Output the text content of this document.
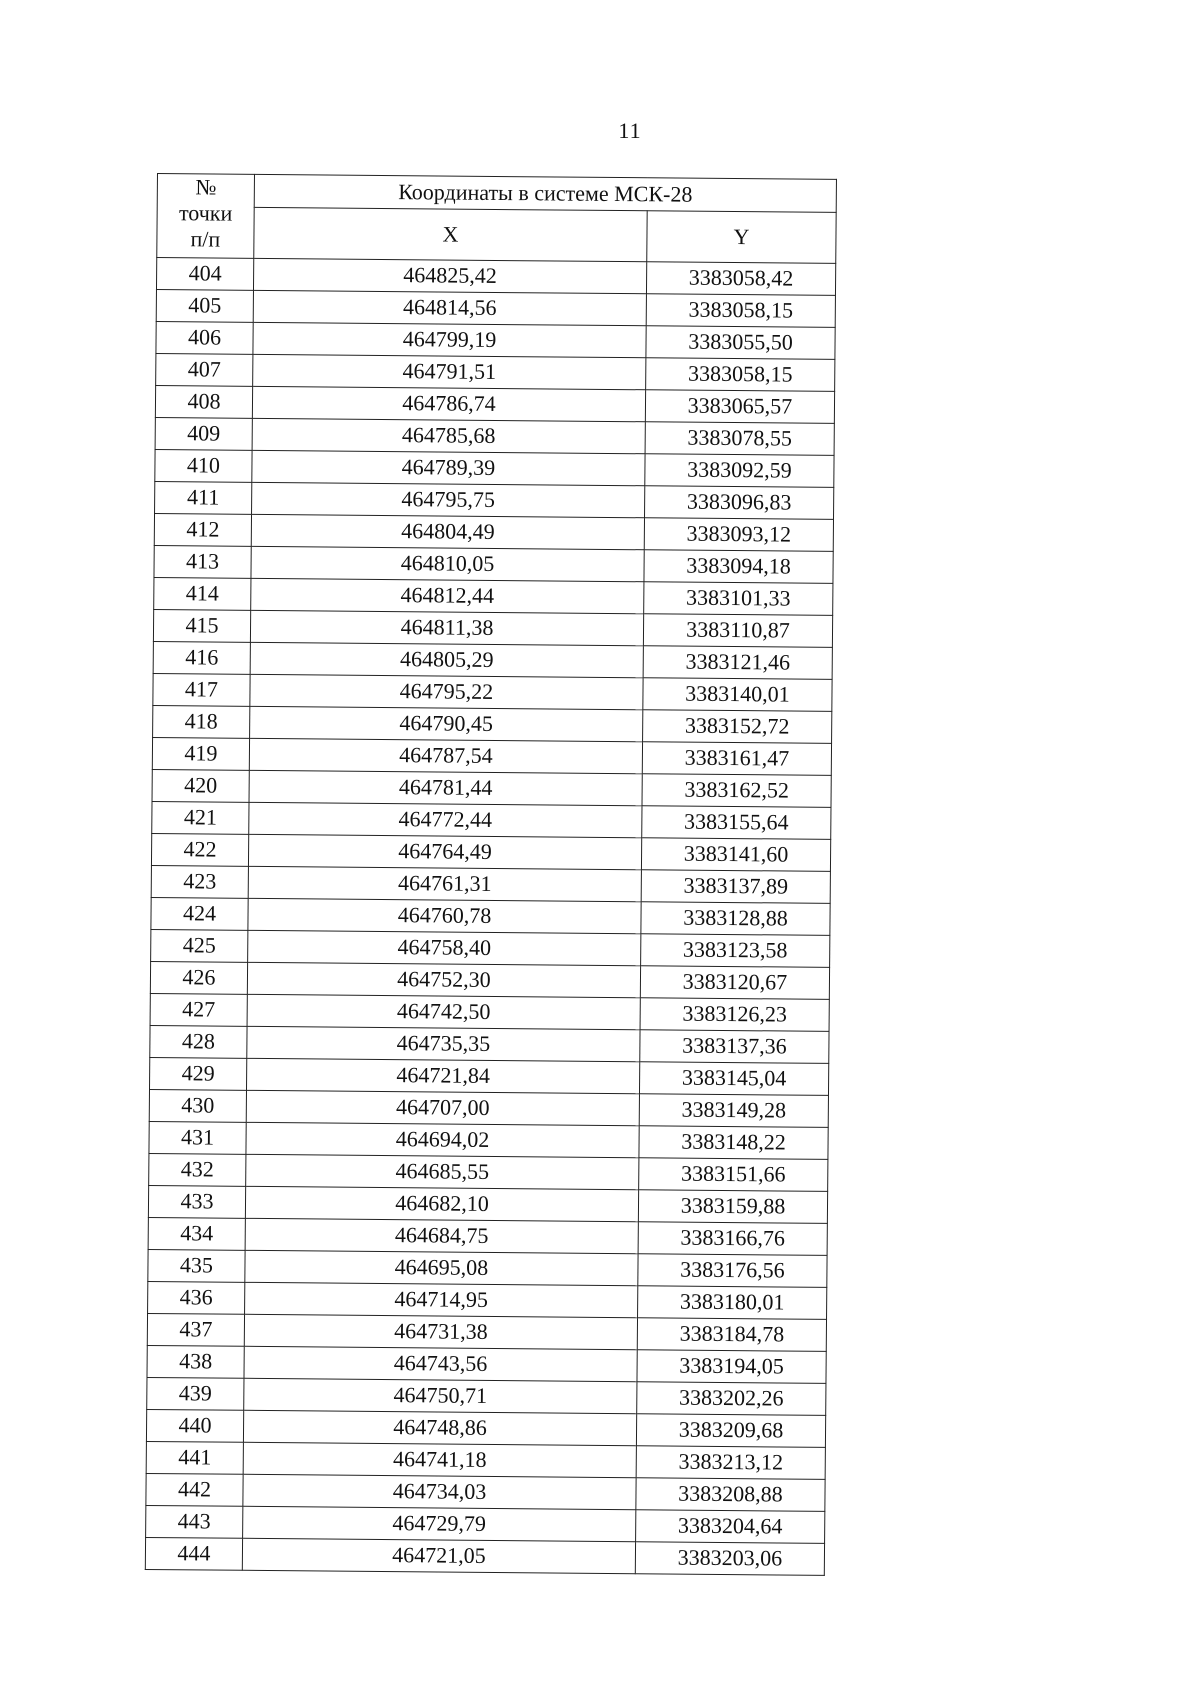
11
№
точки
п/п	Координаты в системе МСК-28	
	X	Y
404	464825,42	3383058,42
405	464814,56	3383058,15
406	464799,19	3383055,50
407	464791,51	3383058,15
408	464786,74	3383065,57
409	464785,68	3383078,55
410	464789,39	3383092,59
411	464795,75	3383096,83
412	464804,49	3383093,12
413	464810,05	3383094,18
414	464812,44	3383101,33
415	464811,38	3383110,87
416	464805,29	3383121,46
417	464795,22	3383140,01
418	464790,45	3383152,72
419	464787,54	3383161,47
420	464781,44	3383162,52
421	464772,44	3383155,64
422	464764,49	3383141,60
423	464761,31	3383137,89
424	464760,78	3383128,88
425	464758,40	3383123,58
426	464752,30	3383120,67
427	464742,50	3383126,23
428	464735,35	3383137,36
429	464721,84	3383145,04
430	464707,00	3383149,28
431	464694,02	3383148,22
432	464685,55	3383151,66
433	464682,10	3383159,88
434	464684,75	3383166,76
435	464695,08	3383176,56
436	464714,95	3383180,01
437	464731,38	3383184,78
438	464743,56	3383194,05
439	464750,71	3383202,26
440	464748,86	3383209,68
441	464741,18	3383213,12
442	464734,03	3383208,88
443	464729,79	3383204,64
444	464721,05	3383203,06
